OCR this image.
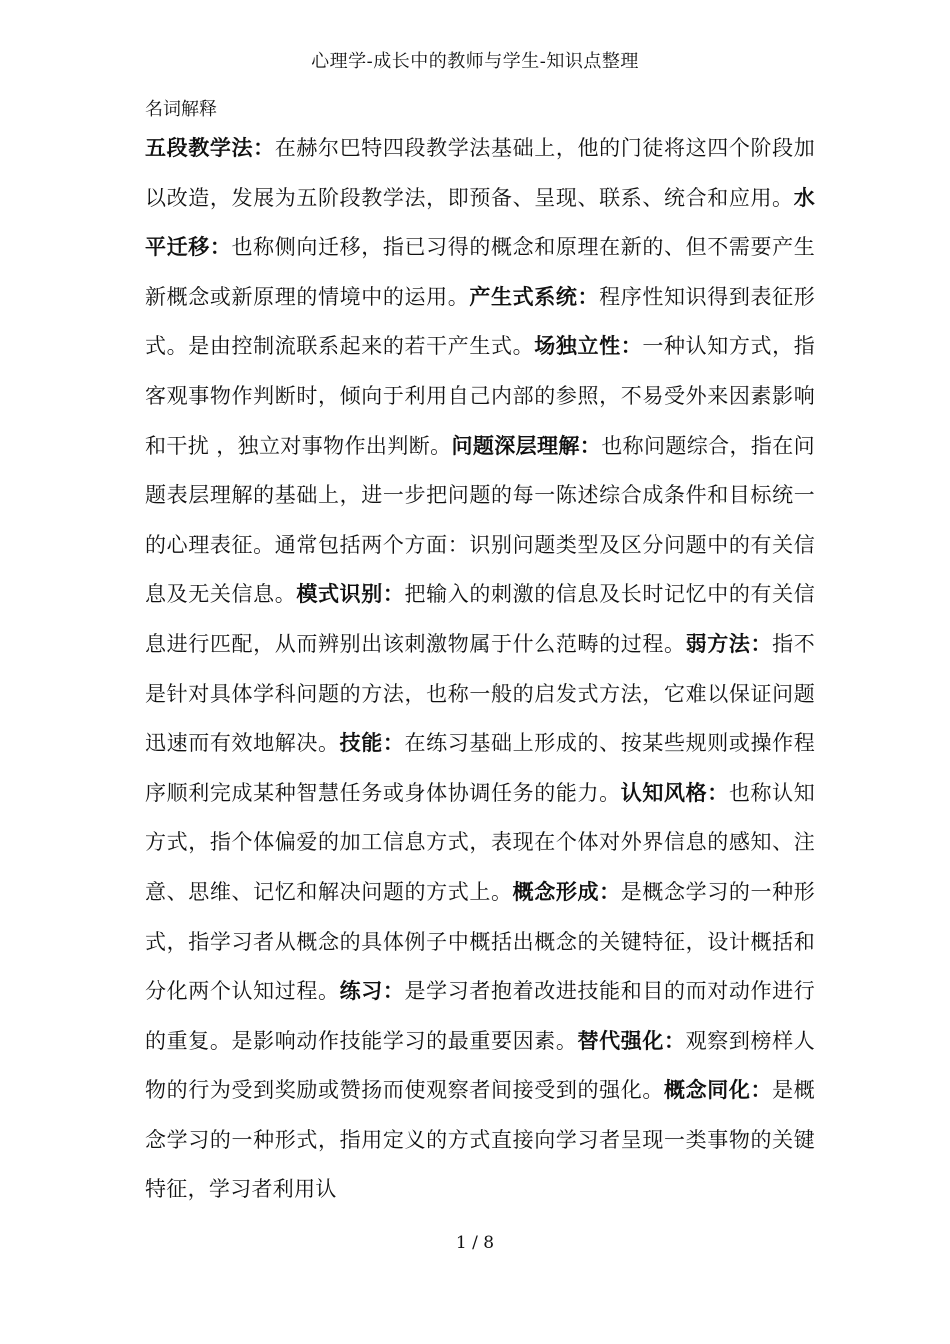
心理学-成长中的教师与学生-知识点整理
名词解释
五段教学法：在赫尔巴特四段教学法基础上，他的门徒将这四个阶段加以改造，发展为五阶段教学法，即预备、呈现、联系、统合和应用。水平迁移：也称侧向迁移，指已习得的概念和原理在新的、但不需要产生新概念或新原理的情境中的运用。产生式系统：程序性知识得到表征形式。是由控制流联系起来的若干产生式。场独立性：一种认知方式，指客观事物作判断时，倾向于利用自己内部的参照，不易受外来因素影响和干扰 ，独立对事物作出判断。问题深层理解：也称问题综合，指在问题表层理解的基础上，进一步把问题的每一陈述综合成条件和目标统一的心理表征。通常包括两个方面：识别问题类型及区分问题中的有关信息及无关信息。模式识别：把输入的刺激的信息及长时记忆中的有关信息进行匹配，从而辨别出该刺激物属于什么范畴的过程。弱方法：指不是针对具体学科问题的方法，也称一般的启发式方法，它难以保证问题迅速而有效地解决。技能：在练习基础上形成的、按某些规则或操作程序顺利完成某种智慧任务或身体协调任务的能力。认知风格：也称认知方式，指个体偏爱的加工信息方式，表现在个体对外界信息的感知、注意、思维、记忆和解决问题的方式上。概念形成：是概念学习的一种形式，指学习者从概念的具体例子中概括出概念的关键特征，设计概括和分化两个认知过程。练习：是学习者抱着改进技能和目的而对动作进行的重复。是影响动作技能学习的最重要因素。替代强化：观察到榜样人物的行为受到奖励或赞扬而使观察者间接受到的强化。概念同化：是概念学习的一种形式，指用定义的方式直接向学习者呈现一类事物的关键特征，学习者利用认
1 / 8
